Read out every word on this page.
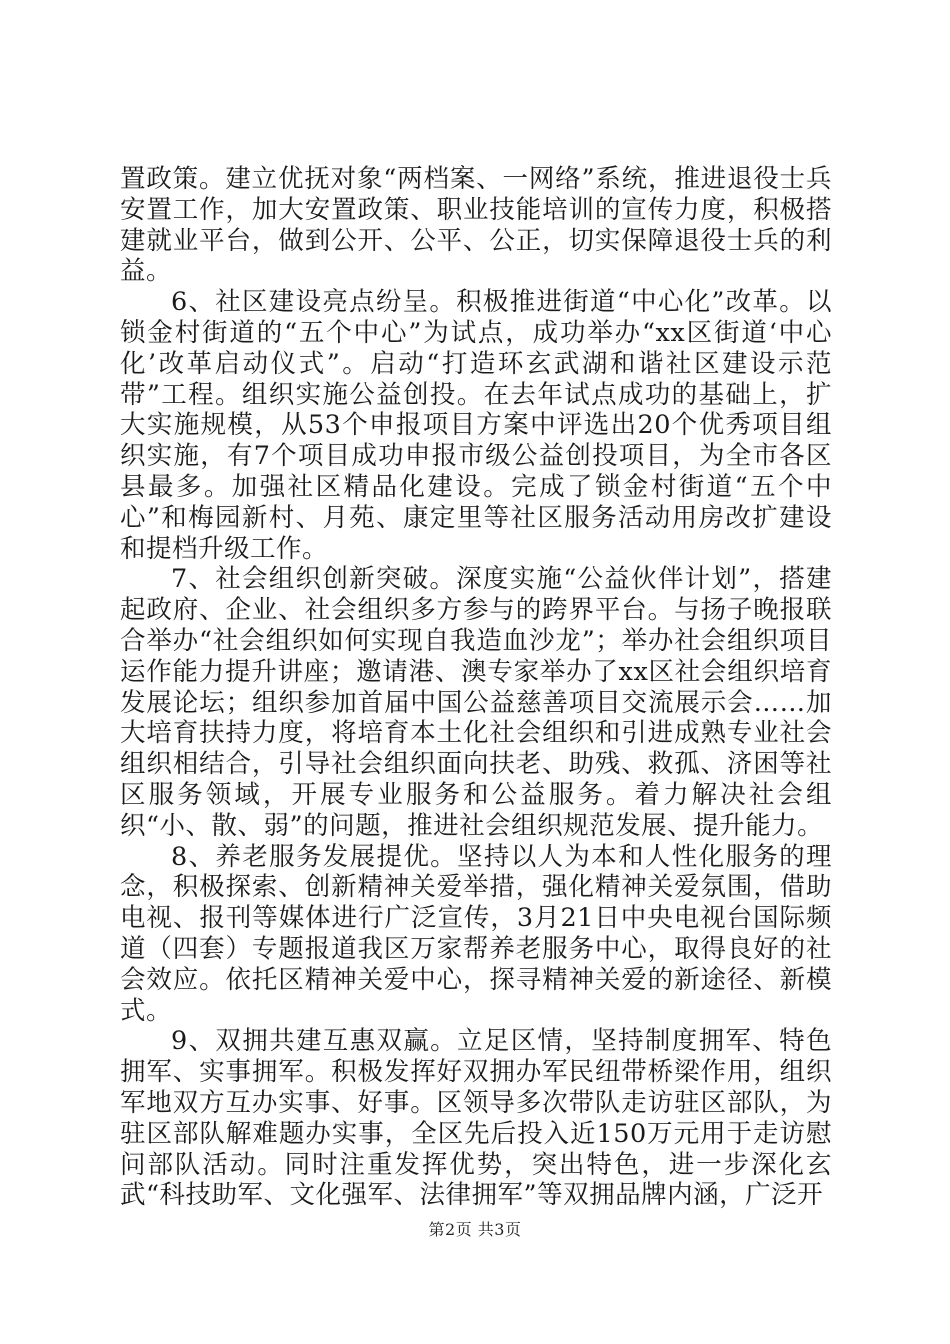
置政策。建立优抚对象“两档案、一网络”系统，推进退役士兵安置工作，加大安置政策、职业技能培训的宣传力度，积极搭建就业平台，做到公开、公平、公正，切实保障退役士兵的利益。

6、社区建设亮点纷呈。积极推进街道“中心化”改革。以锁金村街道的“五个中心”为试点，成功举办“xx区街道‘中心化’改革启动仪式”。启动“打造环玄武湖和谐社区建设示范带”工程。组织实施公益创投。在去年试点成功的基础上，扩大实施规模，从53个申报项目方案中评选出20个优秀项目组织实施，有7个项目成功申报市级公益创投项目，为全市各区县最多。加强社区精品化建设。完成了锁金村街道“五个中心”和梅园新村、月苑、康定里等社区服务活动用房改扩建设和提档升级工作。

7、社会组织创新突破。深度实施“公益伙伴计划”，搭建起政府、企业、社会组织多方参与的跨界平台。与扬子晚报联合举办“社会组织如何实现自我造血沙龙”；举办社会组织项目运作能力提升讲座；邀请港、澳专家举办了xx区社会组织培育发展论坛；组织参加首届中国公益慈善项目交流展示会……加大培育扶持力度，将培育本土化社会组织和引进成熟专业社会组织相结合，引导社会组织面向扶老、助残、救孤、济困等社区服务领域，开展专业服务和公益服务。着力解决社会组织“小、散、弱”的问题，推进社会组织规范发展、提升能力。

8、养老服务发展提优。坚持以人为本和人性化服务的理念，积极探索、创新精神关爱举措，强化精神关爱氛围，借助电视、报刊等媒体进行广泛宣传，3月21日中央电视台国际频道（四套）专题报道我区万家帮养老服务中心，取得良好的社会效应。依托区精神关爱中心，探寻精神关爱的新途径、新模式。

9、双拥共建互惠双赢。立足区情，坚持制度拥军、特色拥军、实事拥军。积极发挥好双拥办军民纽带桥梁作用，组织军地双方互办实事、好事。区领导多次带队走访驻区部队，为驻区部队解难题办实事，全区先后投入近150万元用于走访慰问部队活动。同时注重发挥优势，突出特色，进一步深化玄武“科技助军、文化强军、法律拥军”等双拥品牌内涵，广泛开

第2页 共3页
